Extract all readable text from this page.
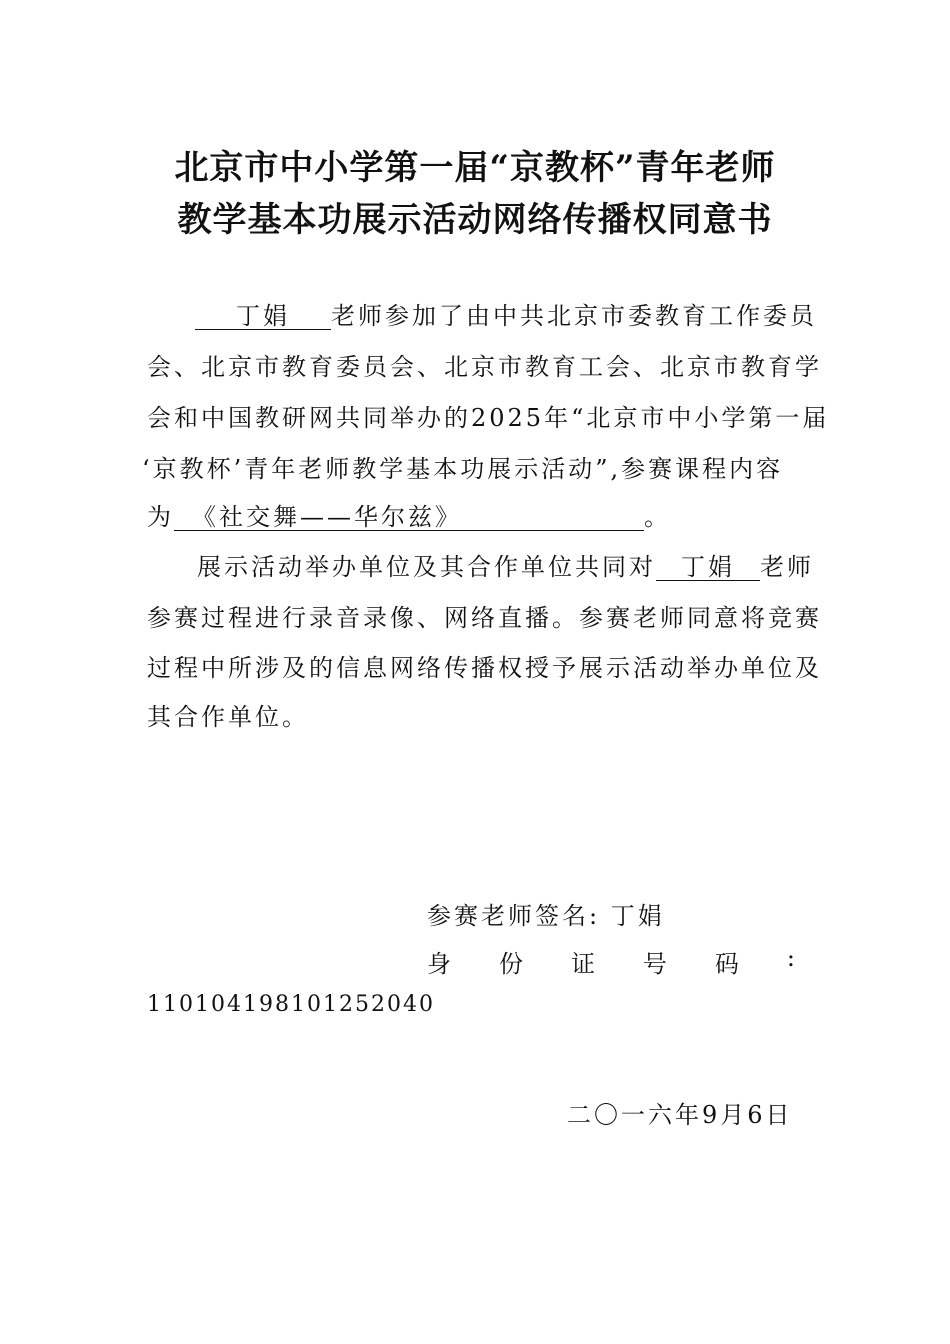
北京市中小学第一届“京教杯”青年老师
教学基本功展示活动网络传播权同意书
丁娟 老师参加了由中共北京市委教育工作委员
会、北京市教育委员会、北京市教育工会、北京市教育学
会和中国教研网共同举办的2025年“北京市中小学第一届
‘京教杯’青年老师教学基本功展示活动”,参赛课程内容
为 《社交舞——华尔兹》	。
展示活动举办单位及其合作单位共同对 丁娟 老师
参赛过程进行录音录像、网络直播。参赛老师同意将竞赛
过程中所涉及的信息网络传播权授予展示活动举办单位及
其合作单位。
参赛老师签名: 丁娟
身 份 证 号 码 :
110104198101252040
二〇一六年9月6日
